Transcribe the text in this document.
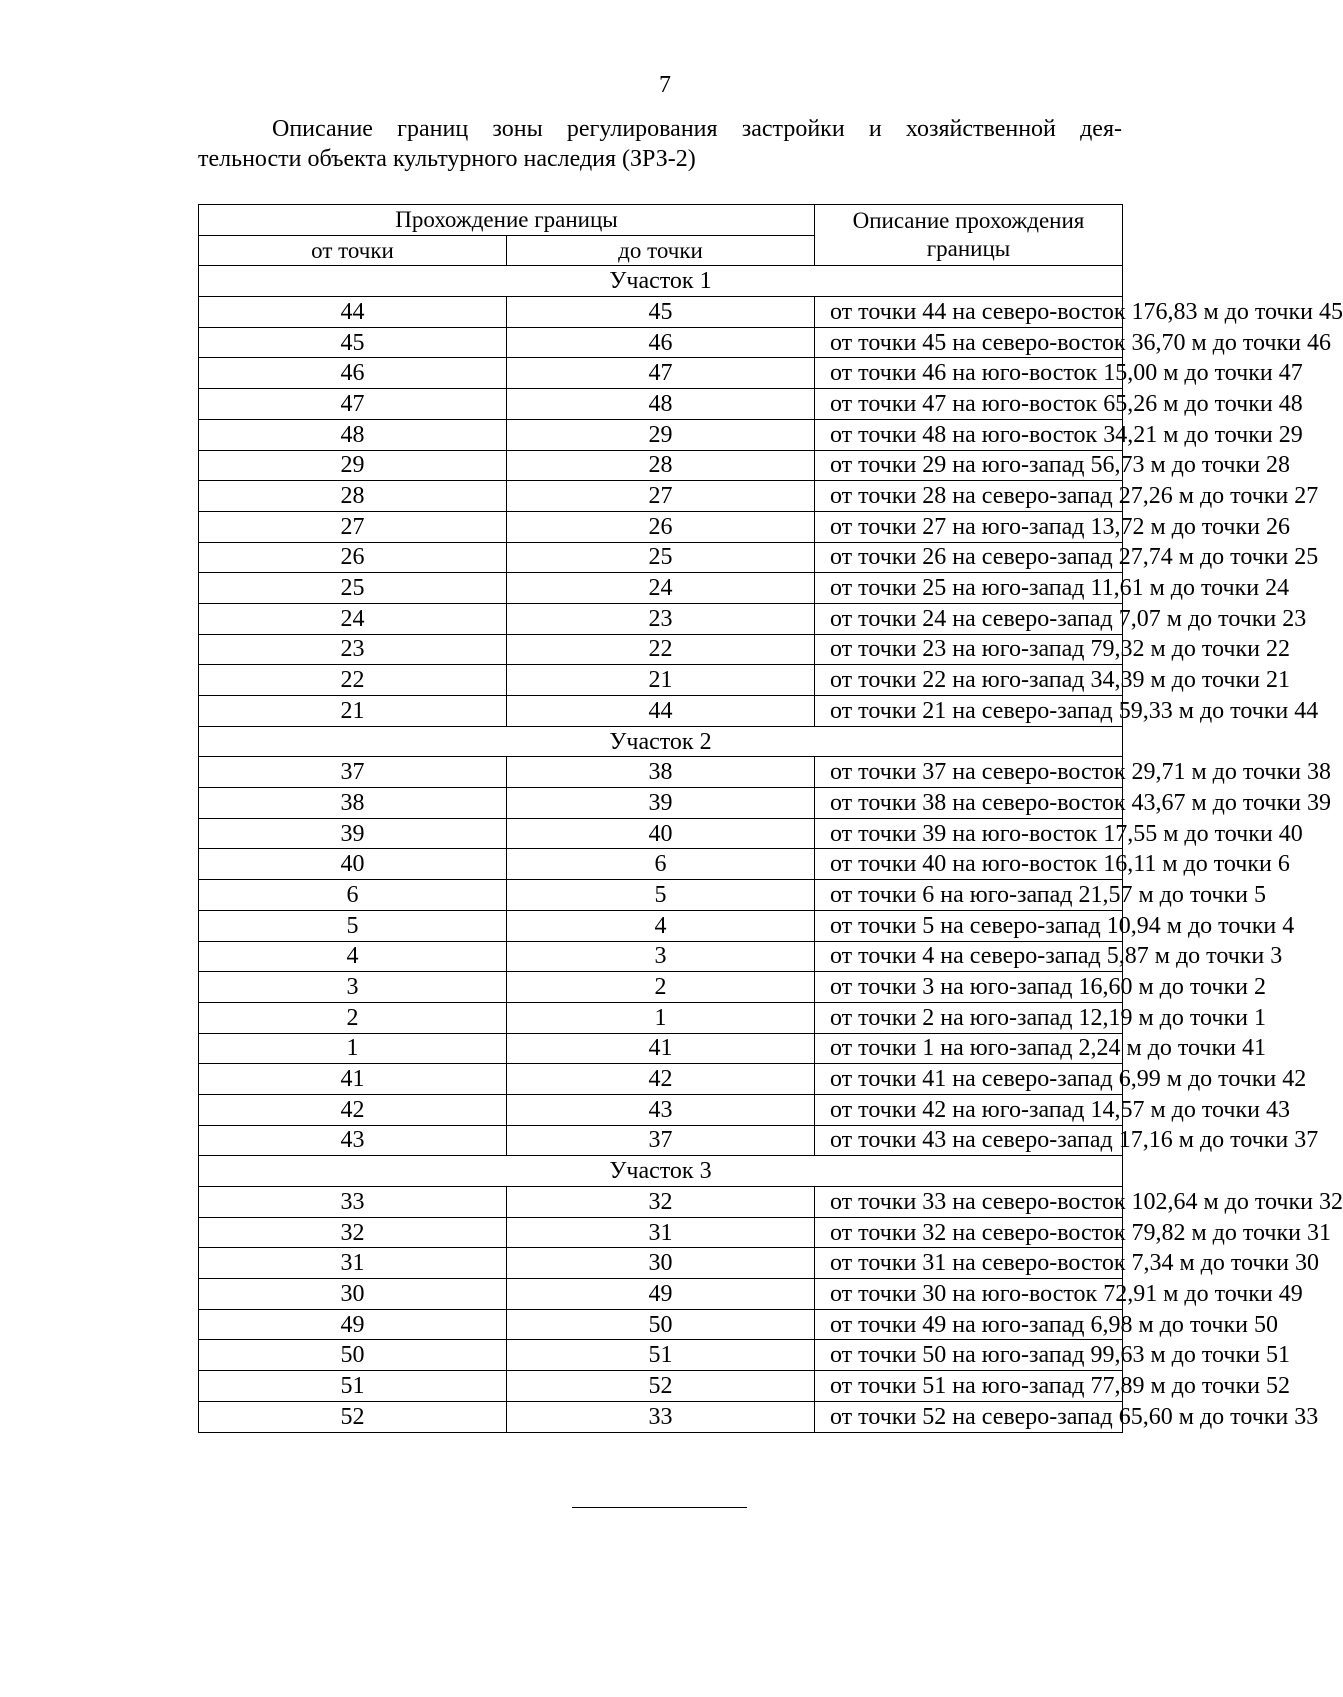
7
Описание границ зоны регулирования застройки и хозяйственной дея-
тельности объекта культурного наследия (ЗРЗ-2)
Прохождение границы		Описание прохождения границы
от точки	до точки	
Участок 1		
44	45	от точки 44 на северо-восток 176,83 м до точки 45
45	46	от точки 45 на северо-восток 36,70 м до точки 46
46	47	от точки 46 на юго-восток 15,00 м до точки 47
47	48	от точки 47 на юго-восток 65,26 м до точки 48
48	29	от точки 48 на юго-восток 34,21 м до точки 29
29	28	от точки 29 на юго-запад 56,73 м до точки 28
28	27	от точки 28 на северо-запад 27,26 м до точки 27
27	26	от точки 27 на юго-запад 13,72 м до точки 26
26	25	от точки 26 на северо-запад 27,74 м до точки 25
25	24	от точки 25 на юго-запад 11,61 м до точки 24
24	23	от точки 24 на северо-запад 7,07 м до точки 23
23	22	от точки 23 на юго-запад 79,32 м до точки 22
22	21	от точки 22 на юго-запад 34,39 м до точки 21
21	44	от точки 21 на северо-запад 59,33 м до точки 44
Участок 2		
37	38	от точки 37 на северо-восток 29,71 м до точки 38
38	39	от точки 38 на северо-восток 43,67 м до точки 39
39	40	от точки 39 на юго-восток 17,55 м до точки 40
40	6	от точки 40 на юго-восток 16,11 м до точки 6
6	5	от точки 6 на юго-запад 21,57 м до точки 5
5	4	от точки 5 на северо-запад 10,94 м до точки 4
4	3	от точки 4 на северо-запад 5,87 м до точки 3
3	2	от точки 3 на юго-запад 16,60 м до точки 2
2	1	от точки 2 на юго-запад 12,19 м до точки 1
1	41	от точки 1 на юго-запад 2,24 м до точки 41
41	42	от точки 41 на северо-запад 6,99 м до точки 42
42	43	от точки 42 на юго-запад 14,57 м до точки 43
43	37	от точки 43 на северо-запад 17,16 м до точки 37
Участок 3		
33	32	от точки 33 на северо-восток 102,64 м до точки 32
32	31	от точки 32 на северо-восток 79,82 м до точки 31
31	30	от точки 31 на северо-восток 7,34 м до точки 30
30	49	от точки 30 на юго-восток 72,91 м до точки 49
49	50	от точки 49 на юго-запад 6,98 м до точки 50
50	51	от точки 50 на юго-запад 99,63 м до точки 51
51	52	от точки 51 на юго-запад 77,89 м до точки 52
52	33	от точки 52 на северо-запад 65,60 м до точки 33
